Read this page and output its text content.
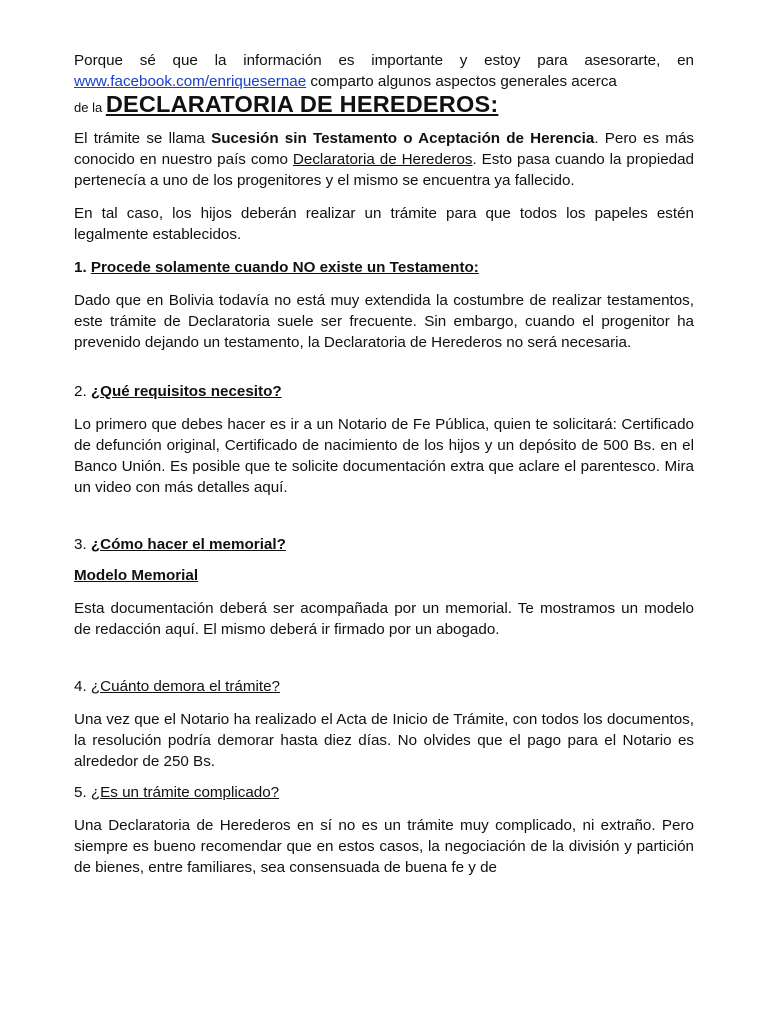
Porque sé que la información es importante y estoy para asesorarte, en www.facebook.com/enriquesernae comparto algunos aspectos generales acerca

de la DECLARATORIA DE HEREDEROS:

El trámite se llama Sucesión sin Testamento o Aceptación de Herencia. Pero es más conocido en nuestro país como Declaratoria de Herederos. Esto pasa cuando la propiedad pertenecía a uno de los progenitores y el mismo se encuentra ya fallecido.

En tal caso, los hijos deberán realizar un trámite para que todos los papeles estén legalmente establecidos.

1. Procede solamente cuando NO existe un Testamento:

Dado que en Bolivia todavía no está muy extendida la costumbre de realizar testamentos, este trámite de Declaratoria suele ser frecuente. Sin embargo, cuando el progenitor ha prevenido dejando un testamento, la Declaratoria de Herederos no será necesaria.

2. ¿Qué requisitos necesito?

Lo primero que debes hacer es ir a un Notario de Fe Pública, quien te solicitará: Certificado de defunción original, Certificado de nacimiento de los hijos y un depósito de 500 Bs. en el Banco Unión. Es posible que te solicite documentación extra que aclare el parentesco. Mira un video con más detalles aquí.

3. ¿Cómo hacer el memorial?

Modelo Memorial

Esta documentación deberá ser acompañada por un memorial. Te mostramos un modelo de redacción aquí. El mismo deberá ir firmado por un abogado.

4. ¿Cuánto demora el trámite?

Una vez que el Notario ha realizado el Acta de Inicio de Trámite, con todos los documentos, la resolución podría demorar hasta diez días. No olvides que el pago para el Notario es alrededor de 250 Bs.

5. ¿Es un trámite complicado?

Una Declaratoria de Herederos en sí no es un trámite muy complicado, ni extraño. Pero siempre es bueno recomendar que en estos casos, la negociación de la división y partición de bienes, entre familiares, sea consensuada de buena fe y de
